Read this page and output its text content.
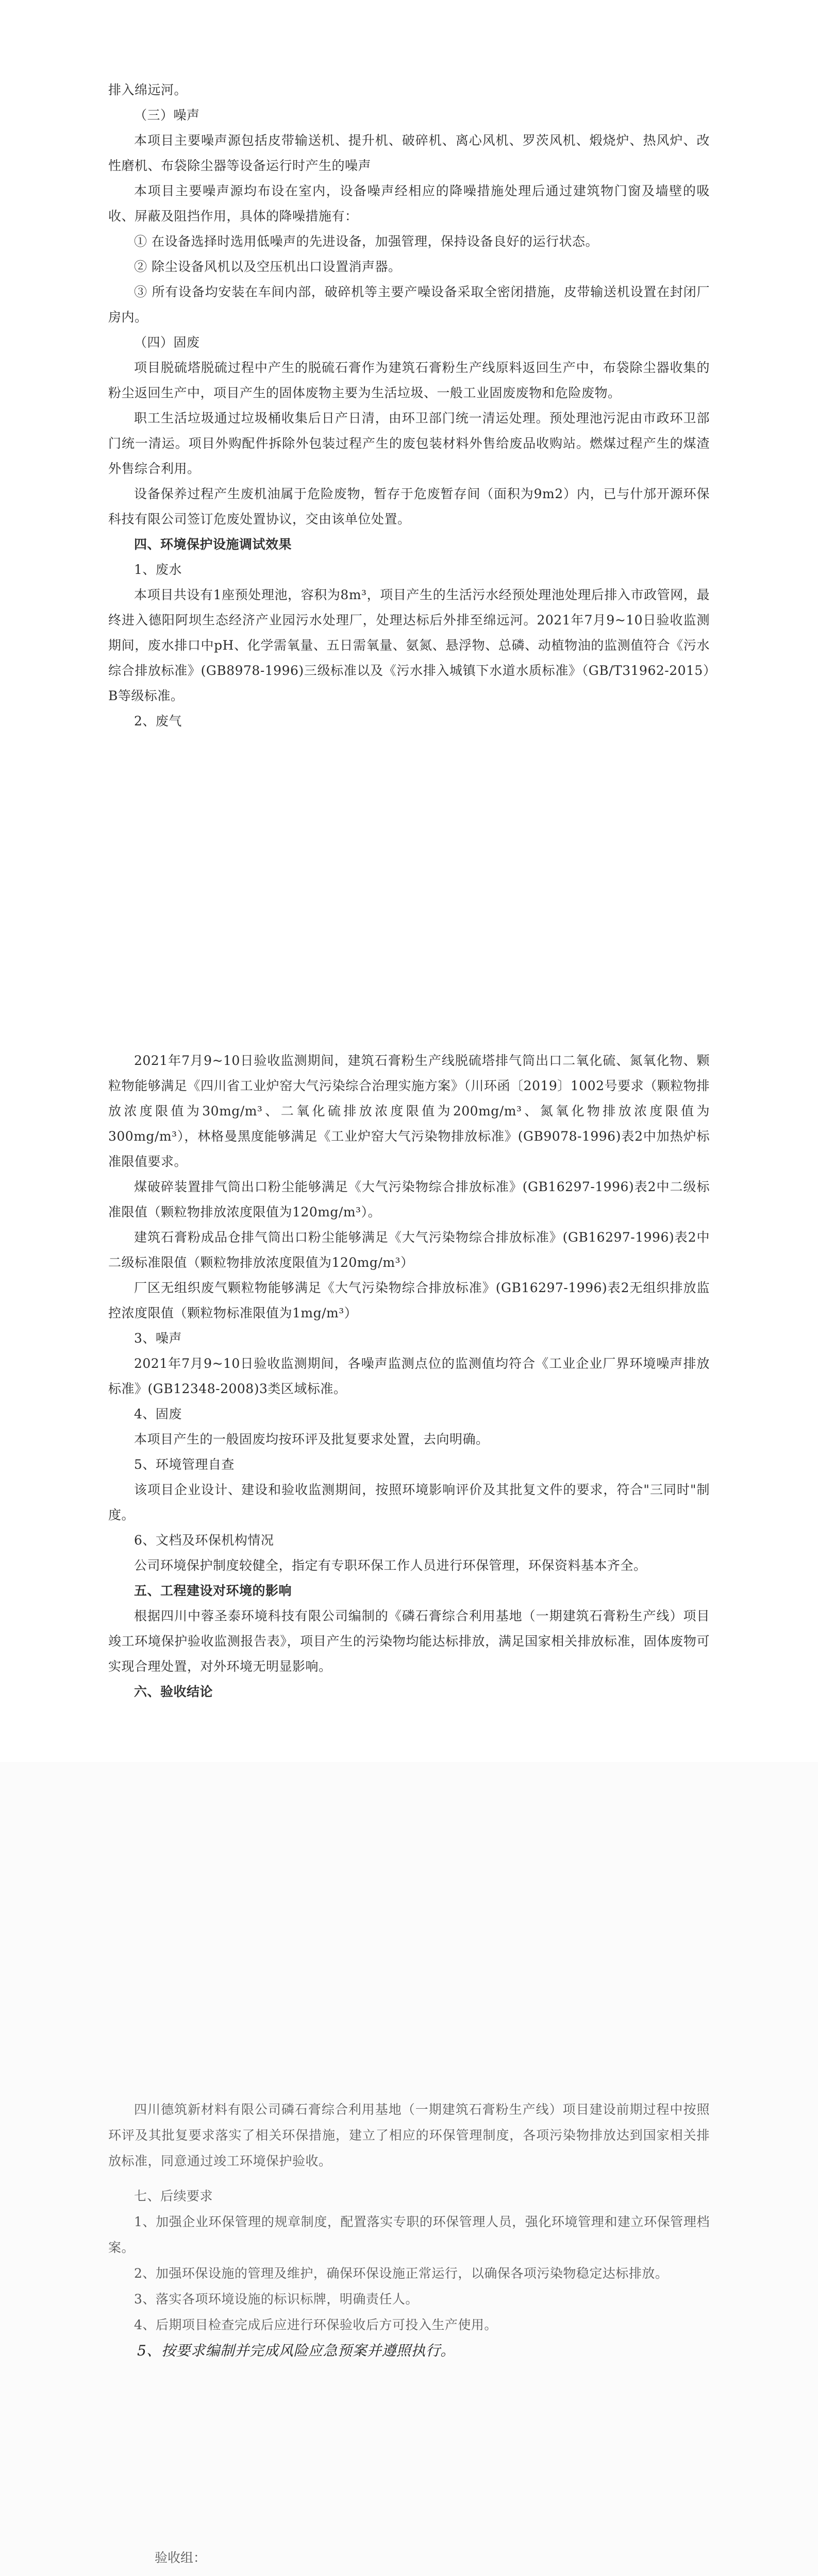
排入绵远河。

（三）噪声

本项目主要噪声源包括皮带输送机、提升机、破碎机、离心风机、罗茨风机、煅烧炉、热风炉、改性磨机、布袋除尘器等设备运行时产生的噪声

本项目主要噪声源均布设在室内，设备噪声经相应的降噪措施处理后通过建筑物门窗及墙壁的吸收、屏蔽及阻挡作用，具体的降噪措施有：

① 在设备选择时选用低噪声的先进设备，加强管理，保持设备良好的运行状态。

② 除尘设备风机以及空压机出口设置消声器。

③ 所有设备均安装在车间内部，破碎机等主要产噪设备采取全密闭措施，皮带输送机设置在封闭厂房内。

（四）固废

项目脱硫塔脱硫过程中产生的脱硫石膏作为建筑石膏粉生产线原料返回生产中，布袋除尘器收集的粉尘返回生产中，项目产生的固体废物主要为生活垃圾、一般工业固废废物和危险废物。

职工生活垃圾通过垃圾桶收集后日产日清，由环卫部门统一清运处理。预处理池污泥由市政环卫部门统一清运。项目外购配件拆除外包装过程产生的废包装材料外售给废品收购站。燃煤过程产生的煤渣外售综合利用。

设备保养过程产生废机油属于危险废物，暂存于危废暂存间（面积为9m2）内，已与什邡开源环保科技有限公司签订危废处置协议，交由该单位处置。

四、环境保护设施调试效果

1、废水

本项目共设有1座预处理池，容积为8m³，项目产生的生活污水经预处理池处理后排入市政管网，最终进入德阳阿坝生态经济产业园污水处理厂，处理达标后外排至绵远河。2021年7月9~10日验收监测期间，废水排口中pH、化学需氧量、五日需氧量、氨氮、悬浮物、总磷、动植物油的监测值符合《污水综合排放标准》(GB8978-1996)三级标准以及《污水排入城镇下水道水质标准》（GB/T31962-2015）B等级标准。

2、废气

2021年7月9~10日验收监测期间，建筑石膏粉生产线脱硫塔排气筒出口二氧化硫、氮氧化物、颗粒物能够满足《四川省工业炉窑大气污染综合治理实施方案》（川环函〔2019〕1002号要求（颗粒物排放浓度限值为30mg/m³、二氧化硫排放浓度限值为200mg/m³、氮氧化物排放浓度限值为300mg/m³），林格曼黑度能够满足《工业炉窑大气污染物排放标准》(GB9078-1996)表2中加热炉标准限值要求。

煤破碎装置排气筒出口粉尘能够满足《大气污染物综合排放标准》(GB16297-1996)表2中二级标准限值（颗粒物排放浓度限值为120mg/m³）。

建筑石膏粉成品仓排气筒出口粉尘能够满足《大气污染物综合排放标准》(GB16297-1996)表2中二级标准限值（颗粒物排放浓度限值为120mg/m³）

厂区无组织废气颗粒物能够满足《大气污染物综合排放标准》(GB16297-1996)表2无组织排放监控浓度限值（颗粒物标准限值为1mg/m³）

3、噪声

2021年7月9~10日验收监测期间，各噪声监测点位的监测值均符合《工业企业厂界环境噪声排放标准》(GB12348-2008)3类区域标准。

4、固废

本项目产生的一般固废均按环评及批复要求处置，去向明确。

5、环境管理自查

该项目企业设计、建设和验收监测期间，按照环境影响评价及其批复文件的要求，符合"三同时"制度。

6、文档及环保机构情况

公司环境保护制度较健全，指定有专职环保工作人员进行环保管理，环保资料基本齐全。

五、工程建设对环境的影响

根据四川中蓉圣泰环境科技有限公司编制的《磷石膏综合利用基地（一期建筑石膏粉生产线）项目竣工环境保护验收监测报告表》，项目产生的污染物均能达标排放，满足国家相关排放标准，固体废物可实现合理处置，对外环境无明显影响。

六、验收结论

四川德筑新材料有限公司磷石膏综合利用基地（一期建筑石膏粉生产线）项目建设前期过程中按照环评及其批复要求落实了相关环保措施，建立了相应的环保管理制度，各项污染物排放达到国家相关排放标准，同意通过竣工环境保护验收。

七、后续要求

1、加强企业环保管理的规章制度，配置落实专职的环保管理人员，强化环境管理和建立环保管理档案。

2、加强环保设施的管理及维护，确保环保设施正常运行，以确保各项污染物稳定达标排放。

3、落实各项环境设施的标识标牌，明确责任人。

4、后期项目检查完成后应进行环保验收后方可投入生产使用。

5、按要求编制并完成风险应急预案并遵照执行。

验收组：
